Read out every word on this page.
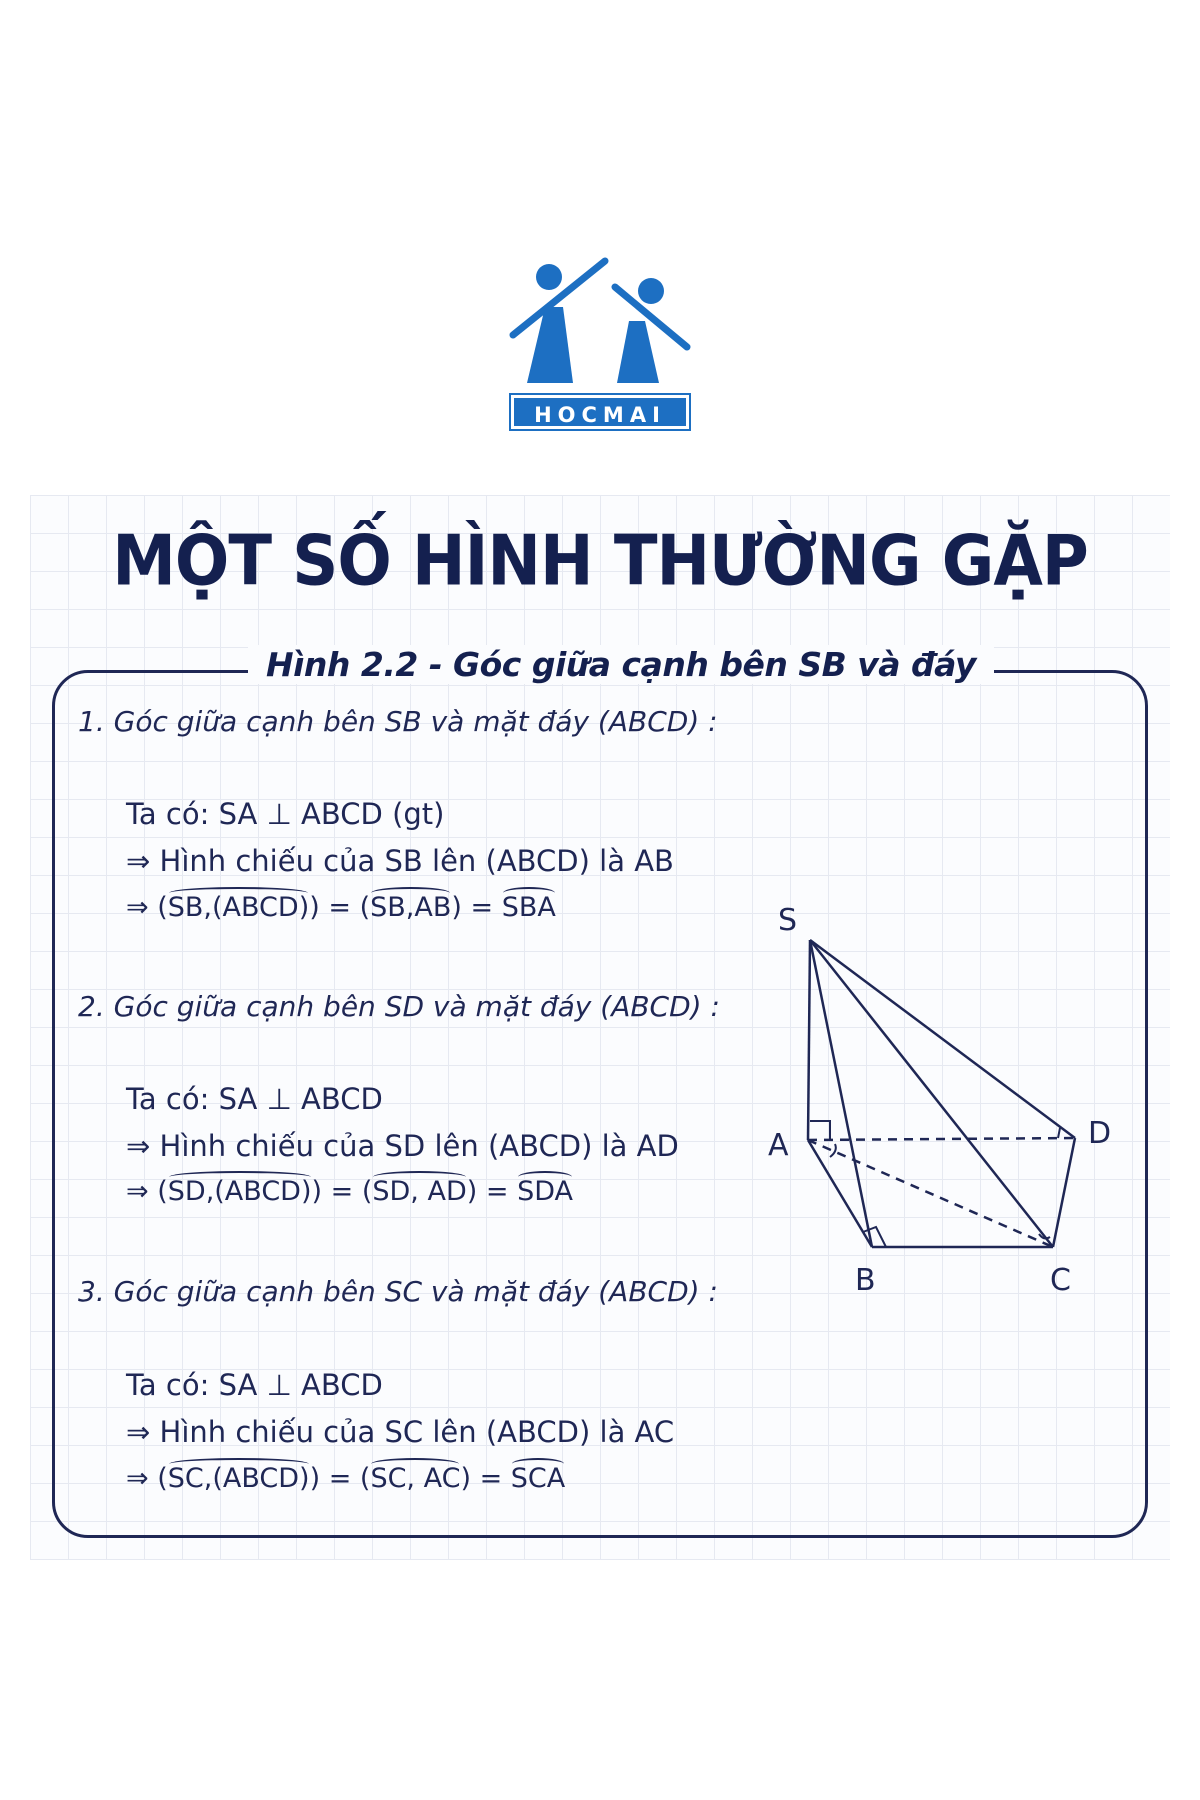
HOCMAI
MỘT SỐ HÌNH THƯỜNG GẶP
Hình 2.2 - Góc giữa cạnh bên SB và đáy
1. Góc giữa cạnh bên SB và mặt đáy (ABCD) :
Ta có: SA ⊥ ABCD (gt)
⇒ Hình chiếu của SB lên (ABCD) là AB
⇒ (SB,(ABCD)) = (SB,AB) = SBA
2. Góc giữa cạnh bên SD và mặt đáy (ABCD) :
Ta có: SA ⊥ ABCD
⇒ Hình chiếu của SD lên (ABCD) là AD
⇒ (SD,(ABCD)) = (SD, AD) = SDA
3. Góc giữa cạnh bên SC và mặt đáy (ABCD) :
Ta có: SA ⊥ ABCD
⇒ Hình chiếu của SC lên (ABCD) là AC
⇒ (SC,(ABCD)) = (SC, AC) = SCA
S
A
B	C
D
